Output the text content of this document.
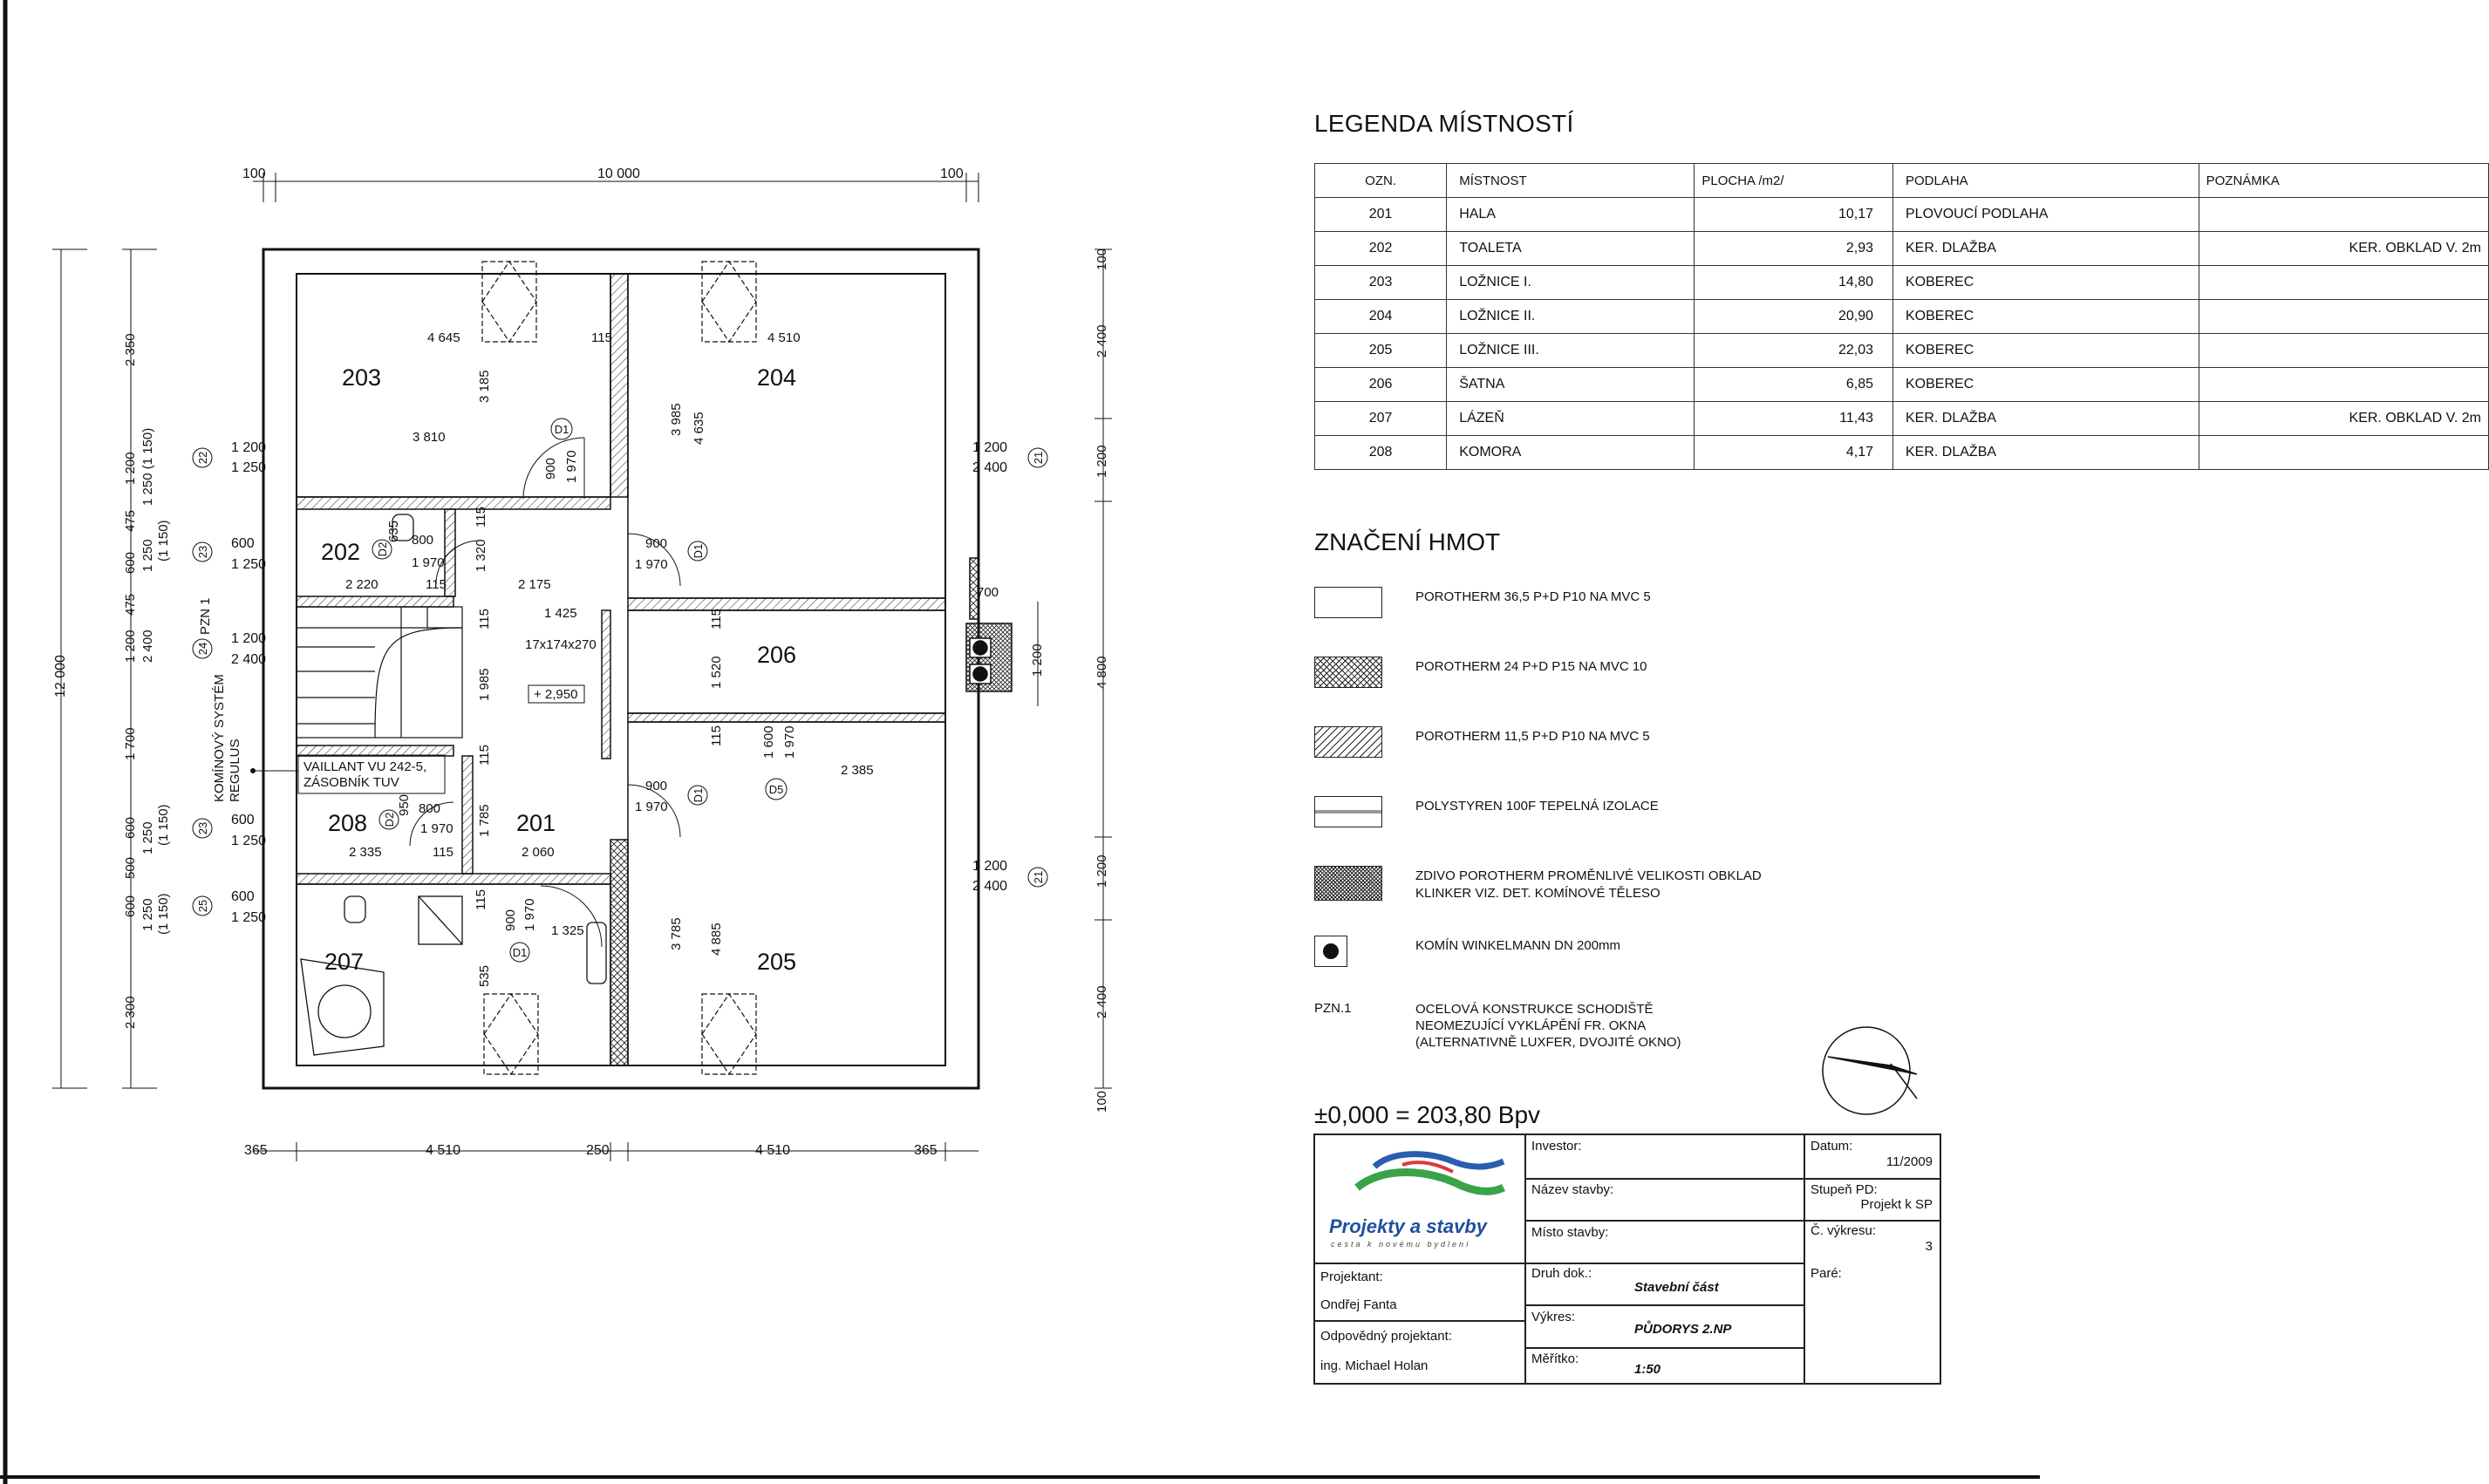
100	10 000	100
365	4 510	250	4 510	365
12 000
2 350
1 200
475
600
475
1 200
1 700
600
500
600
2 300
1 250 (1 150)
1 250 (1 150)
2 400
1 250 (1 150)
1 250 (1 150)
100
2 400
1 200
4 800
1 200
2 400
100
1 200
1 250
600
1 250
1 200
2 400
600
1 250
600
1 250
1 200
2 400
1 200
2 400
22
23
24
23
25
21
21
203	204
202
206
208	201
207	205
D1
D2	D1
D2
D1
D1
D5
4 645	115	4 510
3 810
3 185
3 985 4 635
900 1 970
635 800
1 970
115
1 320
2 220	115	2 175
900
1 970
1 425
17x174x270
+ 2,950
1 985
115
1 520
115
700
1 200
1 600 1 970
2 385
900
1 970
1 785
950 800
1 970
2 335	115	2 060
115
900 1 970 1 325
535
3 785 4 885
115
115
PZN 1
KOMÍNOVÝ SYSTÉM REGULUS	VAILLANT VU 242-5,
ZÁSOBNÍK TUV
LEGENDA MÍSTNOSTÍ
OZN.	MÍSTNOST	PLOCHA /m2/	PODLAHA	POZNÁMKA
201	HALA	10,17	PLOVOUCÍ PODLAHA	
202	TOALETA	2,93	KER. DLAŽBA	KER. OBKLAD V. 2m
203	LOŽNICE I.	14,80	KOBEREC	
204	LOŽNICE II.	20,90	KOBEREC	
205	LOŽNICE III.	22,03	KOBEREC	
206	ŠATNA	6,85	KOBEREC	
207	LÁZEŇ	11,43	KER. DLAŽBA	KER. OBKLAD V. 2m
208	KOMORA	4,17	KER. DLAŽBA	
ZNAČENÍ HMOT
POROTHERM 36,5 P+D P10 NA MVC 5
POROTHERM 24 P+D P15 NA MVC 10
POROTHERM 11,5 P+D P10 NA MVC 5
POLYSTYREN 100F TEPELNÁ IZOLACE
ZDIVO POROTHERM PROMĚNLIVÉ VELIKOSTI OBKLAD
KLINKER VIZ. DET. KOMÍNOVÉ TĚLESO
KOMÍN WINKELMANN DN 200mm
PZN.1	OCELOVÁ KONSTRUKCE SCHODIŠTĚ
NEOMEZUJÍCÍ VYKLÁPĚNÍ FR. OKNA
(ALTERNATIVNĚ LUXFER, DVOJITÉ OKNO)
±0,000 = 203,80 Bpv
Projekty a stavby
cesta k novému bydlení
Investor:
Název stavby:
Místo stavby:
Projektant:
Ondřej Fanta
Odpovědný projektant:
ing. Michael Holan
Druh dok.:
Stavební část
Výkres:
PŮDORYS 2.NP
Měřítko:
1:50
Datum:
11/2009
Stupeň PD:
Projekt k SP
Č. výkresu:
3
Paré:
